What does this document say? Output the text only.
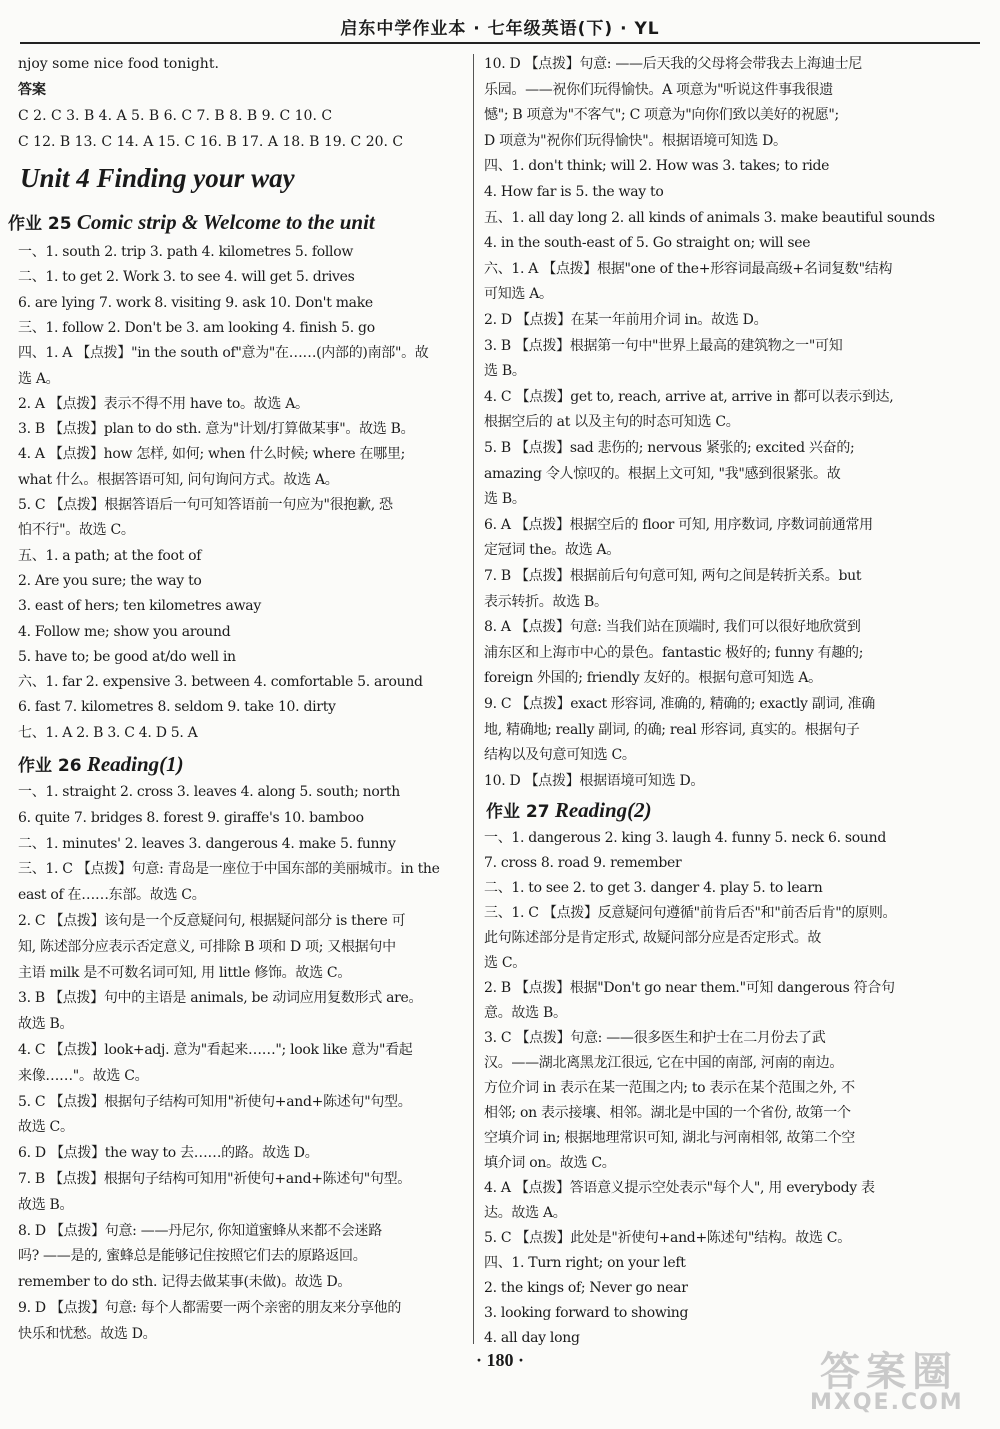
启东中学作业本 · 七年级英语(下) · YL
njoy some nice food tonight.
答案
C 2. C 3. B 4. A 5. B 6. C 7. B 8. B 9. C 10. C
C 12. B 13. C 14. A 15. C 16. B 17. A 18. B 19. C 20. C
Unit 4 Finding your way
作业 25 Comic strip & Welcome to the unit
一、1. south 2. trip 3. path 4. kilometres 5. follow
二、1. to get 2. Work 3. to see 4. will get 5. drives
6. are lying 7. work 8. visiting 9. ask 10. Don't make
三、1. follow 2. Don't be 3. am looking 4. finish 5. go
四、1. A 【点拨】"in the south of"意为"在……(内部的)南部"。故
选 A。
2. A 【点拨】表示不得不用 have to。故选 A。
3. B 【点拨】plan to do sth. 意为"计划/打算做某事"。故选 B。
4. A 【点拨】how 怎样, 如何; when 什么时候; where 在哪里;
what 什么。根据答语可知, 问句询问方式。故选 A。
5. C 【点拨】根据答语后一句可知答语前一句应为"很抱歉, 恐
怕不行"。故选 C。
五、1. a path; at the foot of
2. Are you sure; the way to
3. east of hers; ten kilometres away
4. Follow me; show you around
5. have to; be good at/do well in
六、1. far 2. expensive 3. between 4. comfortable 5. around
6. fast 7. kilometres 8. seldom 9. take 10. dirty
七、1. A 2. B 3. C 4. D 5. A
作业 26 Reading(1)
一、1. straight 2. cross 3. leaves 4. along 5. south; north
6. quite 7. bridges 8. forest 9. giraffe's 10. bamboo
二、1. minutes' 2. leaves 3. dangerous 4. make 5. funny
三、1. C 【点拨】句意: 青岛是一座位于中国东部的美丽城市。in the
east of 在……东部。故选 C。
2. C 【点拨】该句是一个反意疑问句, 根据疑问部分 is there 可
知, 陈述部分应表示否定意义, 可排除 B 项和 D 项; 又根据句中
主语 milk 是不可数名词可知, 用 little 修饰。故选 C。
3. B 【点拨】句中的主语是 animals, be 动词应用复数形式 are。
故选 B。
4. C 【点拨】look+adj. 意为"看起来……"; look like 意为"看起
来像……"。故选 C。
5. C 【点拨】根据句子结构可知用"祈使句+and+陈述句"句型。
故选 C。
6. D 【点拨】the way to 去……的路。故选 D。
7. B 【点拨】根据句子结构可知用"祈使句+and+陈述句"句型。
故选 B。
8. D 【点拨】句意: ——丹尼尔, 你知道蜜蜂从来都不会迷路
吗? ——是的, 蜜蜂总是能够记住按照它们去的原路返回。
remember to do sth. 记得去做某事(未做)。故选 D。
9. D 【点拨】句意: 每个人都需要一两个亲密的朋友来分享他的
快乐和忧愁。故选 D。
10. D 【点拨】句意: ——后天我的父母将会带我去上海迪士尼
乐园。——祝你们玩得愉快。A 项意为"听说这件事我很遗
憾"; B 项意为"不客气"; C 项意为"向你们致以美好的祝愿";
D 项意为"祝你们玩得愉快"。根据语境可知选 D。
四、1. don't think; will 2. How was 3. takes; to ride
4. How far is 5. the way to
五、1. all day long 2. all kinds of animals 3. make beautiful sounds
4. in the south-east of 5. Go straight on; will see
六、1. A 【点拨】根据"one of the+形容词最高级+名词复数"结构
可知选 A。
2. D 【点拨】在某一年前用介词 in。故选 D。
3. B 【点拨】根据第一句中"世界上最高的建筑物之一"可知
选 B。
4. C 【点拨】get to, reach, arrive at, arrive in 都可以表示到达,
根据空后的 at 以及主句的时态可知选 C。
5. B 【点拨】sad 悲伤的; nervous 紧张的; excited 兴奋的;
amazing 令人惊叹的。根据上文可知, "我"感到很紧张。故
选 B。
6. A 【点拨】根据空后的 floor 可知, 用序数词, 序数词前通常用
定冠词 the。故选 A。
7. B 【点拨】根据前后句句意可知, 两句之间是转折关系。but
表示转折。故选 B。
8. A 【点拨】句意: 当我们站在顶端时, 我们可以很好地欣赏到
浦东区和上海市中心的景色。fantastic 极好的; funny 有趣的;
foreign 外国的; friendly 友好的。根据句意可知选 A。
9. C 【点拨】exact 形容词, 准确的, 精确的; exactly 副词, 准确
地, 精确地; really 副词, 的确; real 形容词, 真实的。根据句子
结构以及句意可知选 C。
10. D 【点拨】根据语境可知选 D。
作业 27 Reading(2)
一、1. dangerous 2. king 3. laugh 4. funny 5. neck 6. sound
7. cross 8. road 9. remember
二、1. to see 2. to get 3. danger 4. play 5. to learn
三、1. C 【点拨】反意疑问句遵循"前肯后否"和"前否后肯"的原则。
此句陈述部分是肯定形式, 故疑问部分应是否定形式。故
选 C。
2. B 【点拨】根据"Don't go near them."可知 dangerous 符合句
意。故选 B。
3. C 【点拨】句意: ——很多医生和护士在二月份去了武
汉。——湖北离黑龙江很远, 它在中国的南部, 河南的南边。
方位介词 in 表示在某一范围之内; to 表示在某个范围之外, 不
相邻; on 表示接壤、相邻。湖北是中国的一个省份, 故第一个
空填介词 in; 根据地理常识可知, 湖北与河南相邻, 故第二个空
填介词 on。故选 C。
4. A 【点拨】答语意义提示空处表示"每个人", 用 everybody 表
达。故选 A。
5. C 【点拨】此处是"祈使句+and+陈述句"结构。故选 C。
四、1. Turn right; on your left
2. the kings of; Never go near
3. looking forward to showing
4. all day long
· 180 ·	答案圈
MXQE.COM
